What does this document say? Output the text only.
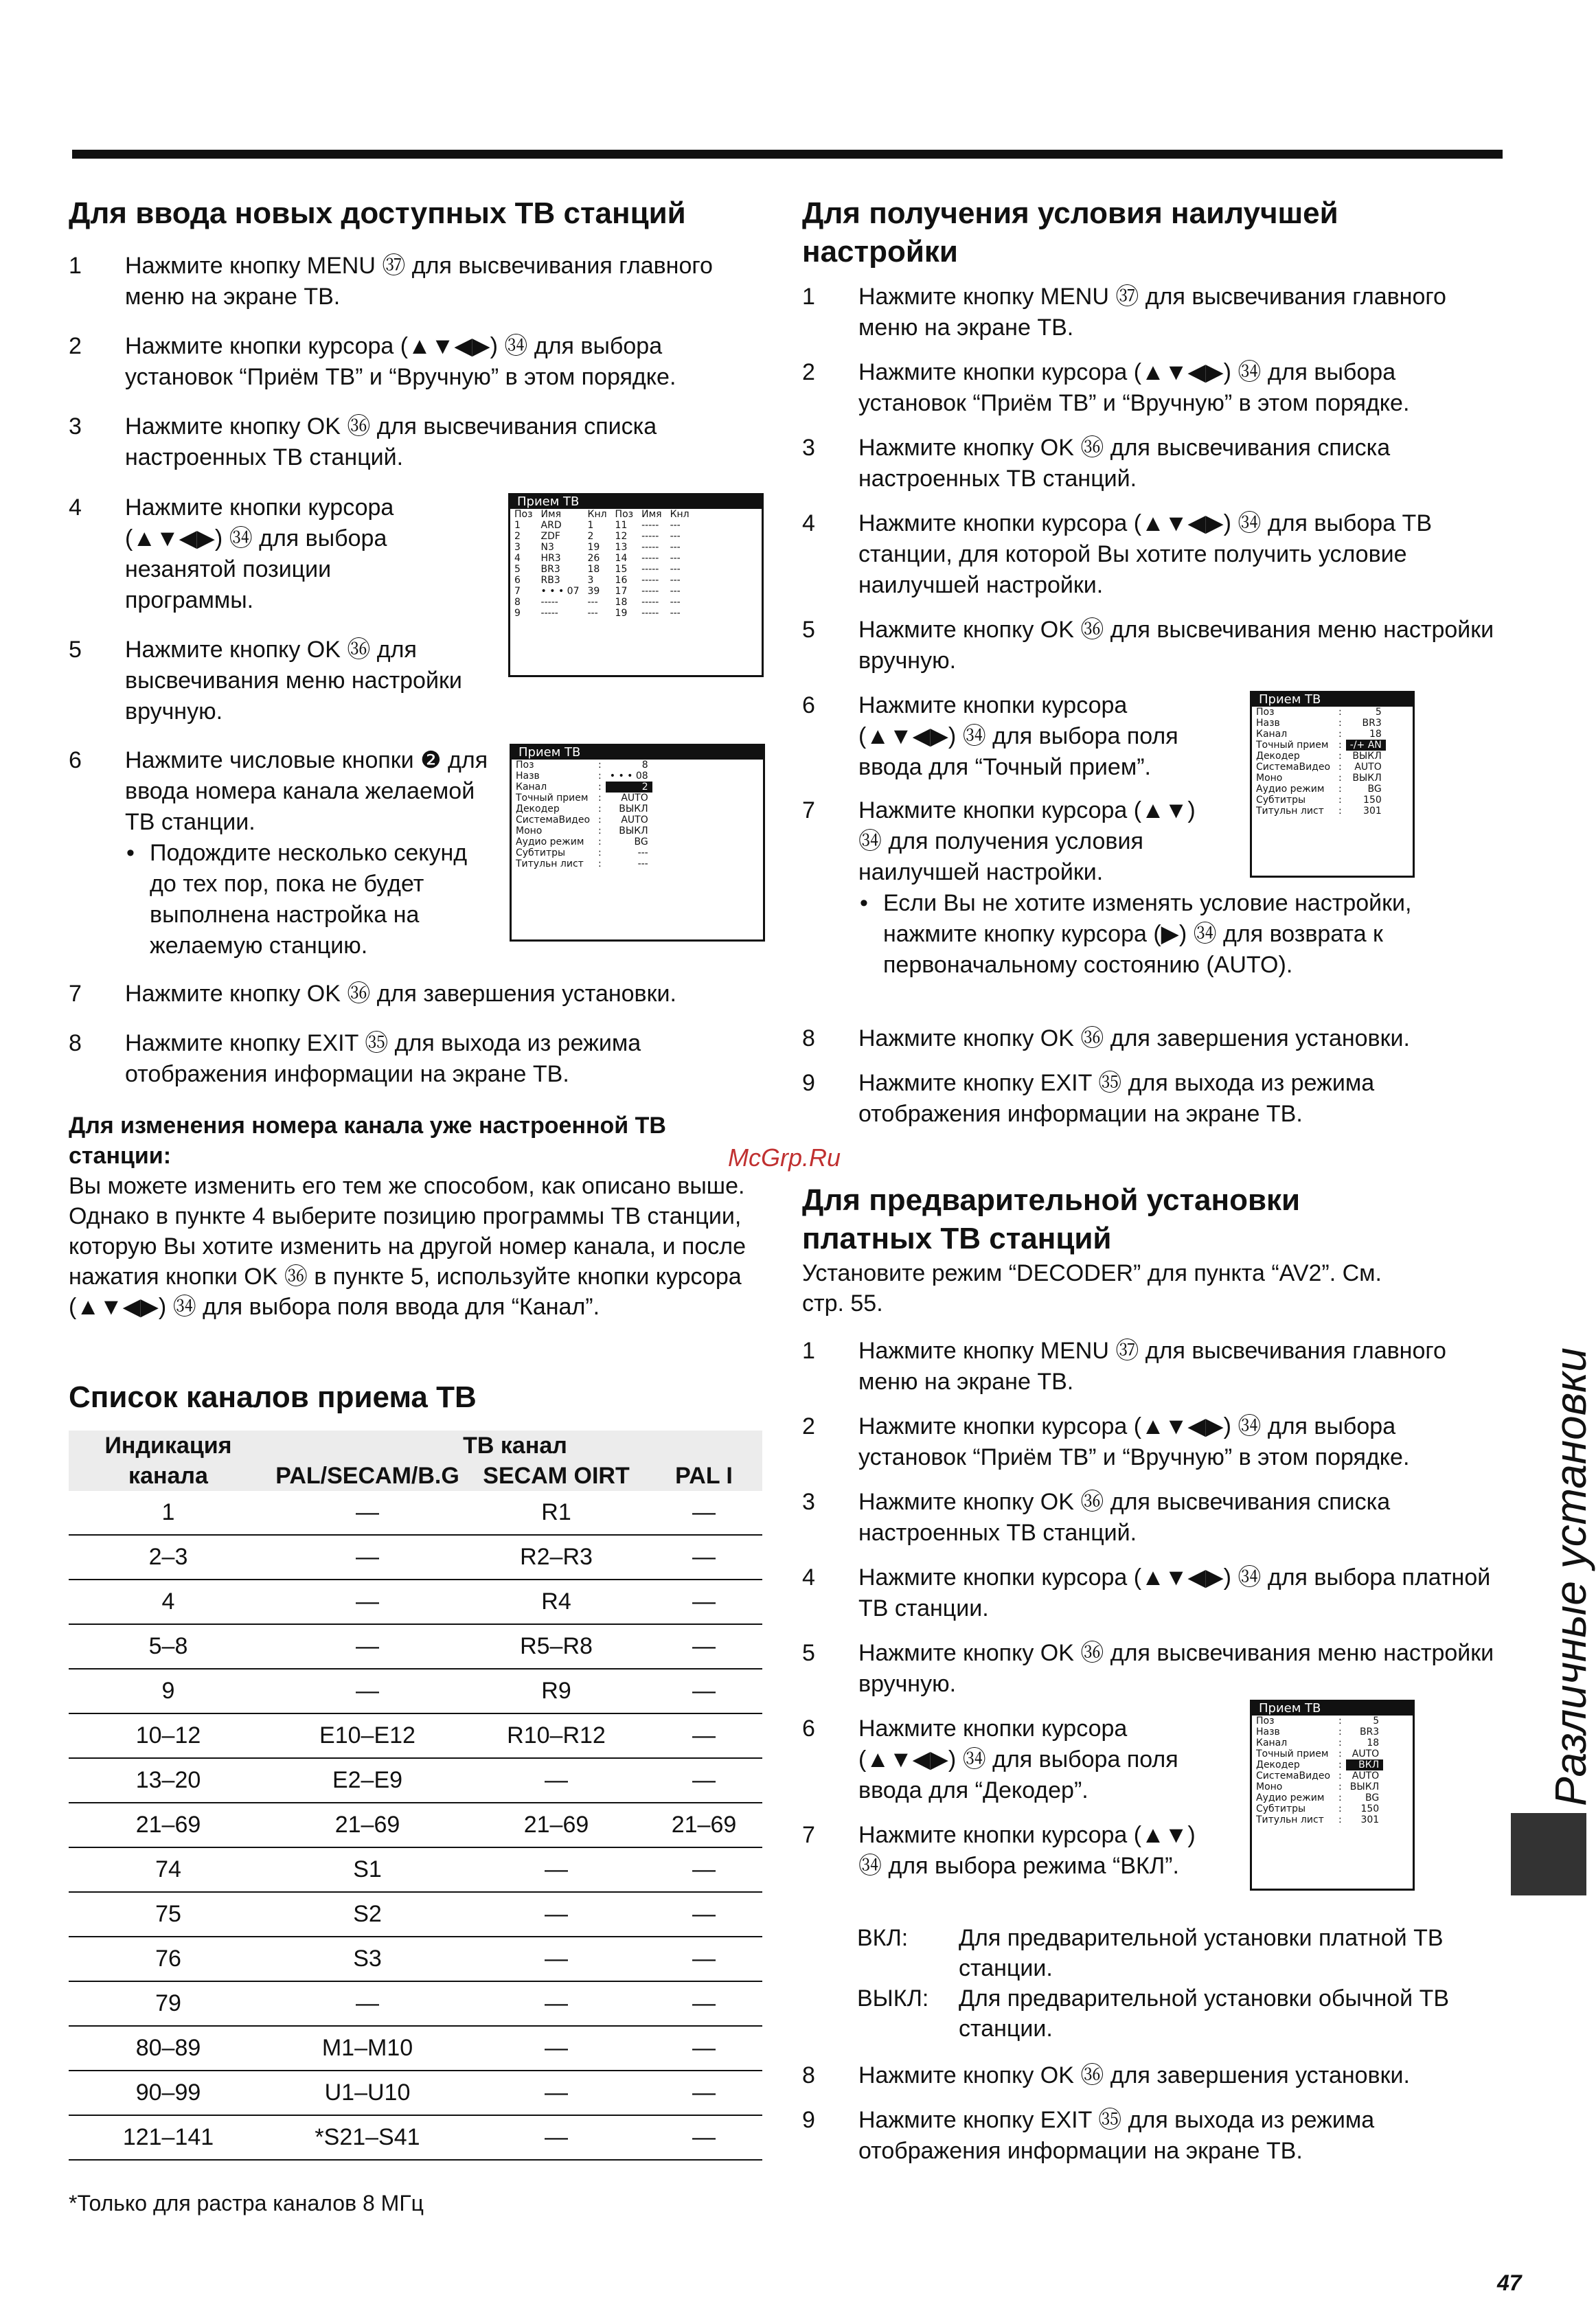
Для ввода новых доступных ТВ станций
1 Нажмите кнопку MENU ㊲ для высвечивания главного меню на экране ТВ.
2 Нажмите кнопки курсора (▲▼◀▶) ㉞ для выбора установок “Приём ТВ” и “Вручную” в этом порядке.
3 Нажмите кнопку OK ㊱ для высвечивания списка настроенных ТВ станций.
4 Нажмите кнопки курсора (▲▼◀▶) ㉞ для выбора незанятой позиции программы.
5 Нажмите кнопку OK ㊱ для высвечивания меню настройки вручную.
6 Нажмите числовые кнопки ❷ для ввода номера канала желаемой ТВ станции.
• Подождите несколько секунд до тех пор, пока не будет выполнена настройка на желаемую станцию.
7 Нажмите кнопку OK ㊱ для завершения установки.
8 Нажмите кнопку EXIT ㉟ для выхода из режима отображения информации на экране ТВ.
Для изменения номера канала уже настроенной ТВ станции:
Вы можете изменить его тем же способом, как описано выше. Однако в пункте 4 выберите позицию программы ТВ станции, которую Вы хотите изменить на другой номер канала, и после нажатия кнопки OK ㊱ в пункте 5, используйте кнопки курсора (▲▼◀▶) ㉞ для выбора поля ввода для “Канал”.
Список каналов приема ТВ
Прием ТВ
Поз	Имя	Кнл	Поз	Имя	Кнл
1	ARD	1	11	-----	---
2	ZDF	2	12	-----	---
3	N3	19	13	-----	---
4	HR3	26	14	-----	---
5	BR3	18	15	-----	---
6	RB3	3	16	-----	---
7	• • • 07	39	17	-----	---
8	-----	---	18	-----	---
9	-----	---	19	-----	---
Прием ТВ
Поз	:	8
Назв	:	• • • 08
Канал	:	2
Точный прием	:	AUTO
Декодер	:	ВЫКЛ
СистемаВидео	:	AUTO
Моно	:	ВЫКЛ
Аудио режим	:	BG
Субтитры	:	---
Титульн лист	:	---
Индикация канала	ТВ канал		
	PAL/SECAM/B.G	SECAM OIRT	PAL I
1	—	R1	—
2–3	—	R2–R3	—
4	—	R4	—
5–8	—	R5–R8	—
9	—	R9	—
10–12	E10–E12	R10–R12	—
13–20	E2–E9	—	—
21–69	21–69	21–69	21–69
74	S1	—	—
75	S2	—	—
76	S3	—	—
79	—	—	—
80–89	M1–M10	—	—
90–99	U1–U10	—	—
121–141	*S21–S41	—	—
*Только для растра каналов 8 МГц
Для получения условия наилучшей настройки
1 Нажмите кнопку MENU ㊲ для высвечивания главного меню на экране ТВ.
2 Нажмите кнопки курсора (▲▼◀▶) ㉞ для выбора установок “Приём ТВ” и “Вручную” в этом порядке.
3 Нажмите кнопку OK ㊱ для высвечивания списка настроенных ТВ станций.
4 Нажмите кнопки курсора (▲▼◀▶) ㉞ для выбора ТВ станции, для которой Вы хотите получить условие наилучшей настройки.
5 Нажмите кнопку OK ㊱ для высвечивания меню настройки вручную.
6 Нажмите кнопки курсора (▲▼◀▶) ㉞ для выбора поля ввода для “Точный прием”.
7 Нажмите кнопки курсора (▲▼) ㉞ для получения условия наилучшей настройки.
• Если Вы не хотите изменять условие настройки, нажмите кнопку курсора (▶) ㉞ для возврата к первоначальному состоянию (AUTO).
8 Нажмите кнопку OK ㊱ для завершения установки.
9 Нажмите кнопку EXIT ㉟ для выхода из режима отображения информации на экране ТВ.
Прием ТВ
Поз	:	5
Назв	:	BR3
Канал	:	18
Точный прием	:	-/+ AN
Декодер	:	ВЫКЛ
СистемаВидео	:	AUTO
Моно	:	ВЫКЛ
Аудио режим	:	BG
Субтитры	:	150
Титульн лист	:	301
Для предварительной установки платных ТВ станций
Установите режим “DECODER” для пункта “AV2”. См. стр. 55.
1 Нажмите кнопку MENU ㊲ для высвечивания главного меню на экране ТВ.
2 Нажмите кнопки курсора (▲▼◀▶) ㉞ для выбора установок “Приём ТВ” и “Вручную” в этом порядке.
3 Нажмите кнопку OK ㊱ для высвечивания списка настроенных ТВ станций.
4 Нажмите кнопки курсора (▲▼◀▶) ㉞ для выбора платной ТВ станции.
5 Нажмите кнопку OK ㊱ для высвечивания меню настройки вручную.
6 Нажмите кнопки курсора (▲▼◀▶) ㉞ для выбора поля ввода для “Декодер”.
7 Нажмите кнопки курсора (▲▼) ㉞ для выбора режима “ВКЛ”.
ВКЛ: Для предварительной установки платной ТВ станции.
ВЫКЛ: Для предварительной установки обычной ТВ станции.
8 Нажмите кнопку OK ㊱ для завершения установки.
9 Нажмите кнопку EXIT ㉟ для выхода из режима отображения информации на экране ТВ.
Прием ТВ
Поз	:	5
Назв	:	BR3
Канал	:	18
Точный прием	:	AUTO
Декодер	:	ВКЛ
СистемаВидео	:	AUTO
Моно	:	ВЫКЛ
Аудио режим	:	BG
Субтитры	:	150
Титульн лист	:	301
McGrp.Ru
Различные установки
47
